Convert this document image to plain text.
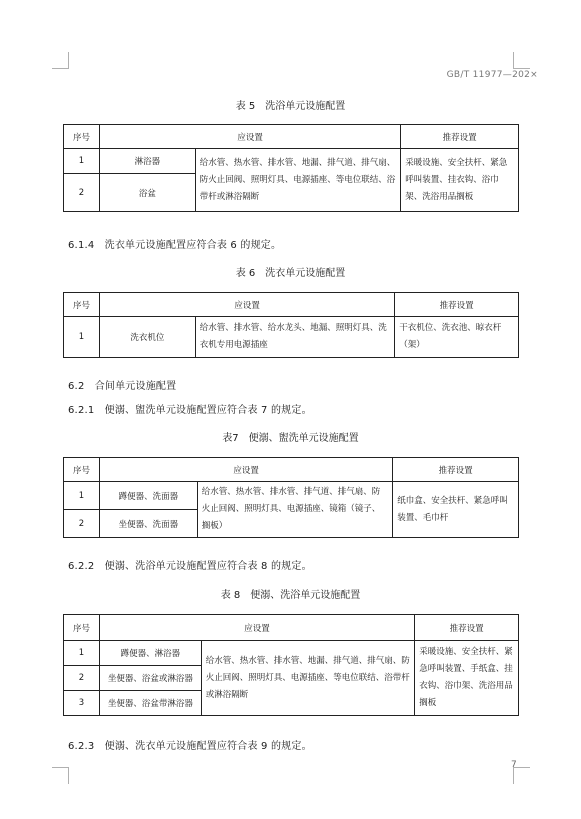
GB/T 11977—202×
表 5　洗浴单元设施配置
序号	应设置		推荐设置
1	淋浴器	给水管、热水管、排水管、地漏、排气道、排气扇、防火止回阀、照明灯具、电源插座、等电位联结、浴带杆或淋浴隔断	采暖设施、安全扶杆、紧急呼叫装置、挂衣钩、浴巾架、洗浴用品搁板
2	浴盆		
6.1.4　洗衣单元设施配置应符合表 6 的规定。
表 6　洗衣单元设施配置
序号	应设置		推荐设置
1	洗衣机位	给水管、排水管、给水龙头、地漏、照明灯具、洗衣机专用电源插座	干衣机位、洗衣池、晾衣杆（架）
6.2　合间单元设施配置
6.2.1　便溺、盥洗单元设施配置应符合表 7 的规定。
表7　便溺、盥洗单元设施配置
序号	应设置		推荐设置
1	蹲便器、洗面器	给水管、热水管、排水管、排气道、排气扇、防火止回阀、照明灯具、电源插座、镜箱（镜子、搁板）	纸巾盒、安全扶杆、紧急呼叫装置、毛巾杆
2	坐便器、洗面器		
6.2.2　便溺、洗浴单元设施配置应符合表 8 的规定。
表 8　便溺、洗浴单元设施配置
序号	应设置		推荐设置
1	蹲便器、淋浴器	给水管、热水管、排水管、地漏、排气道、排气扇、防火止回阀、照明灯具、电源插座、等电位联结、浴带杆或淋浴隔断	采暖设施、安全扶杆、紧急呼叫装置、手纸盒、挂衣钩、浴巾架、洗浴用品搁板
2	坐便器、浴盆或淋浴器		
3	坐便器、浴盆带淋浴器		
6.2.3　便溺、洗衣单元设施配置应符合表 9 的规定。
7
